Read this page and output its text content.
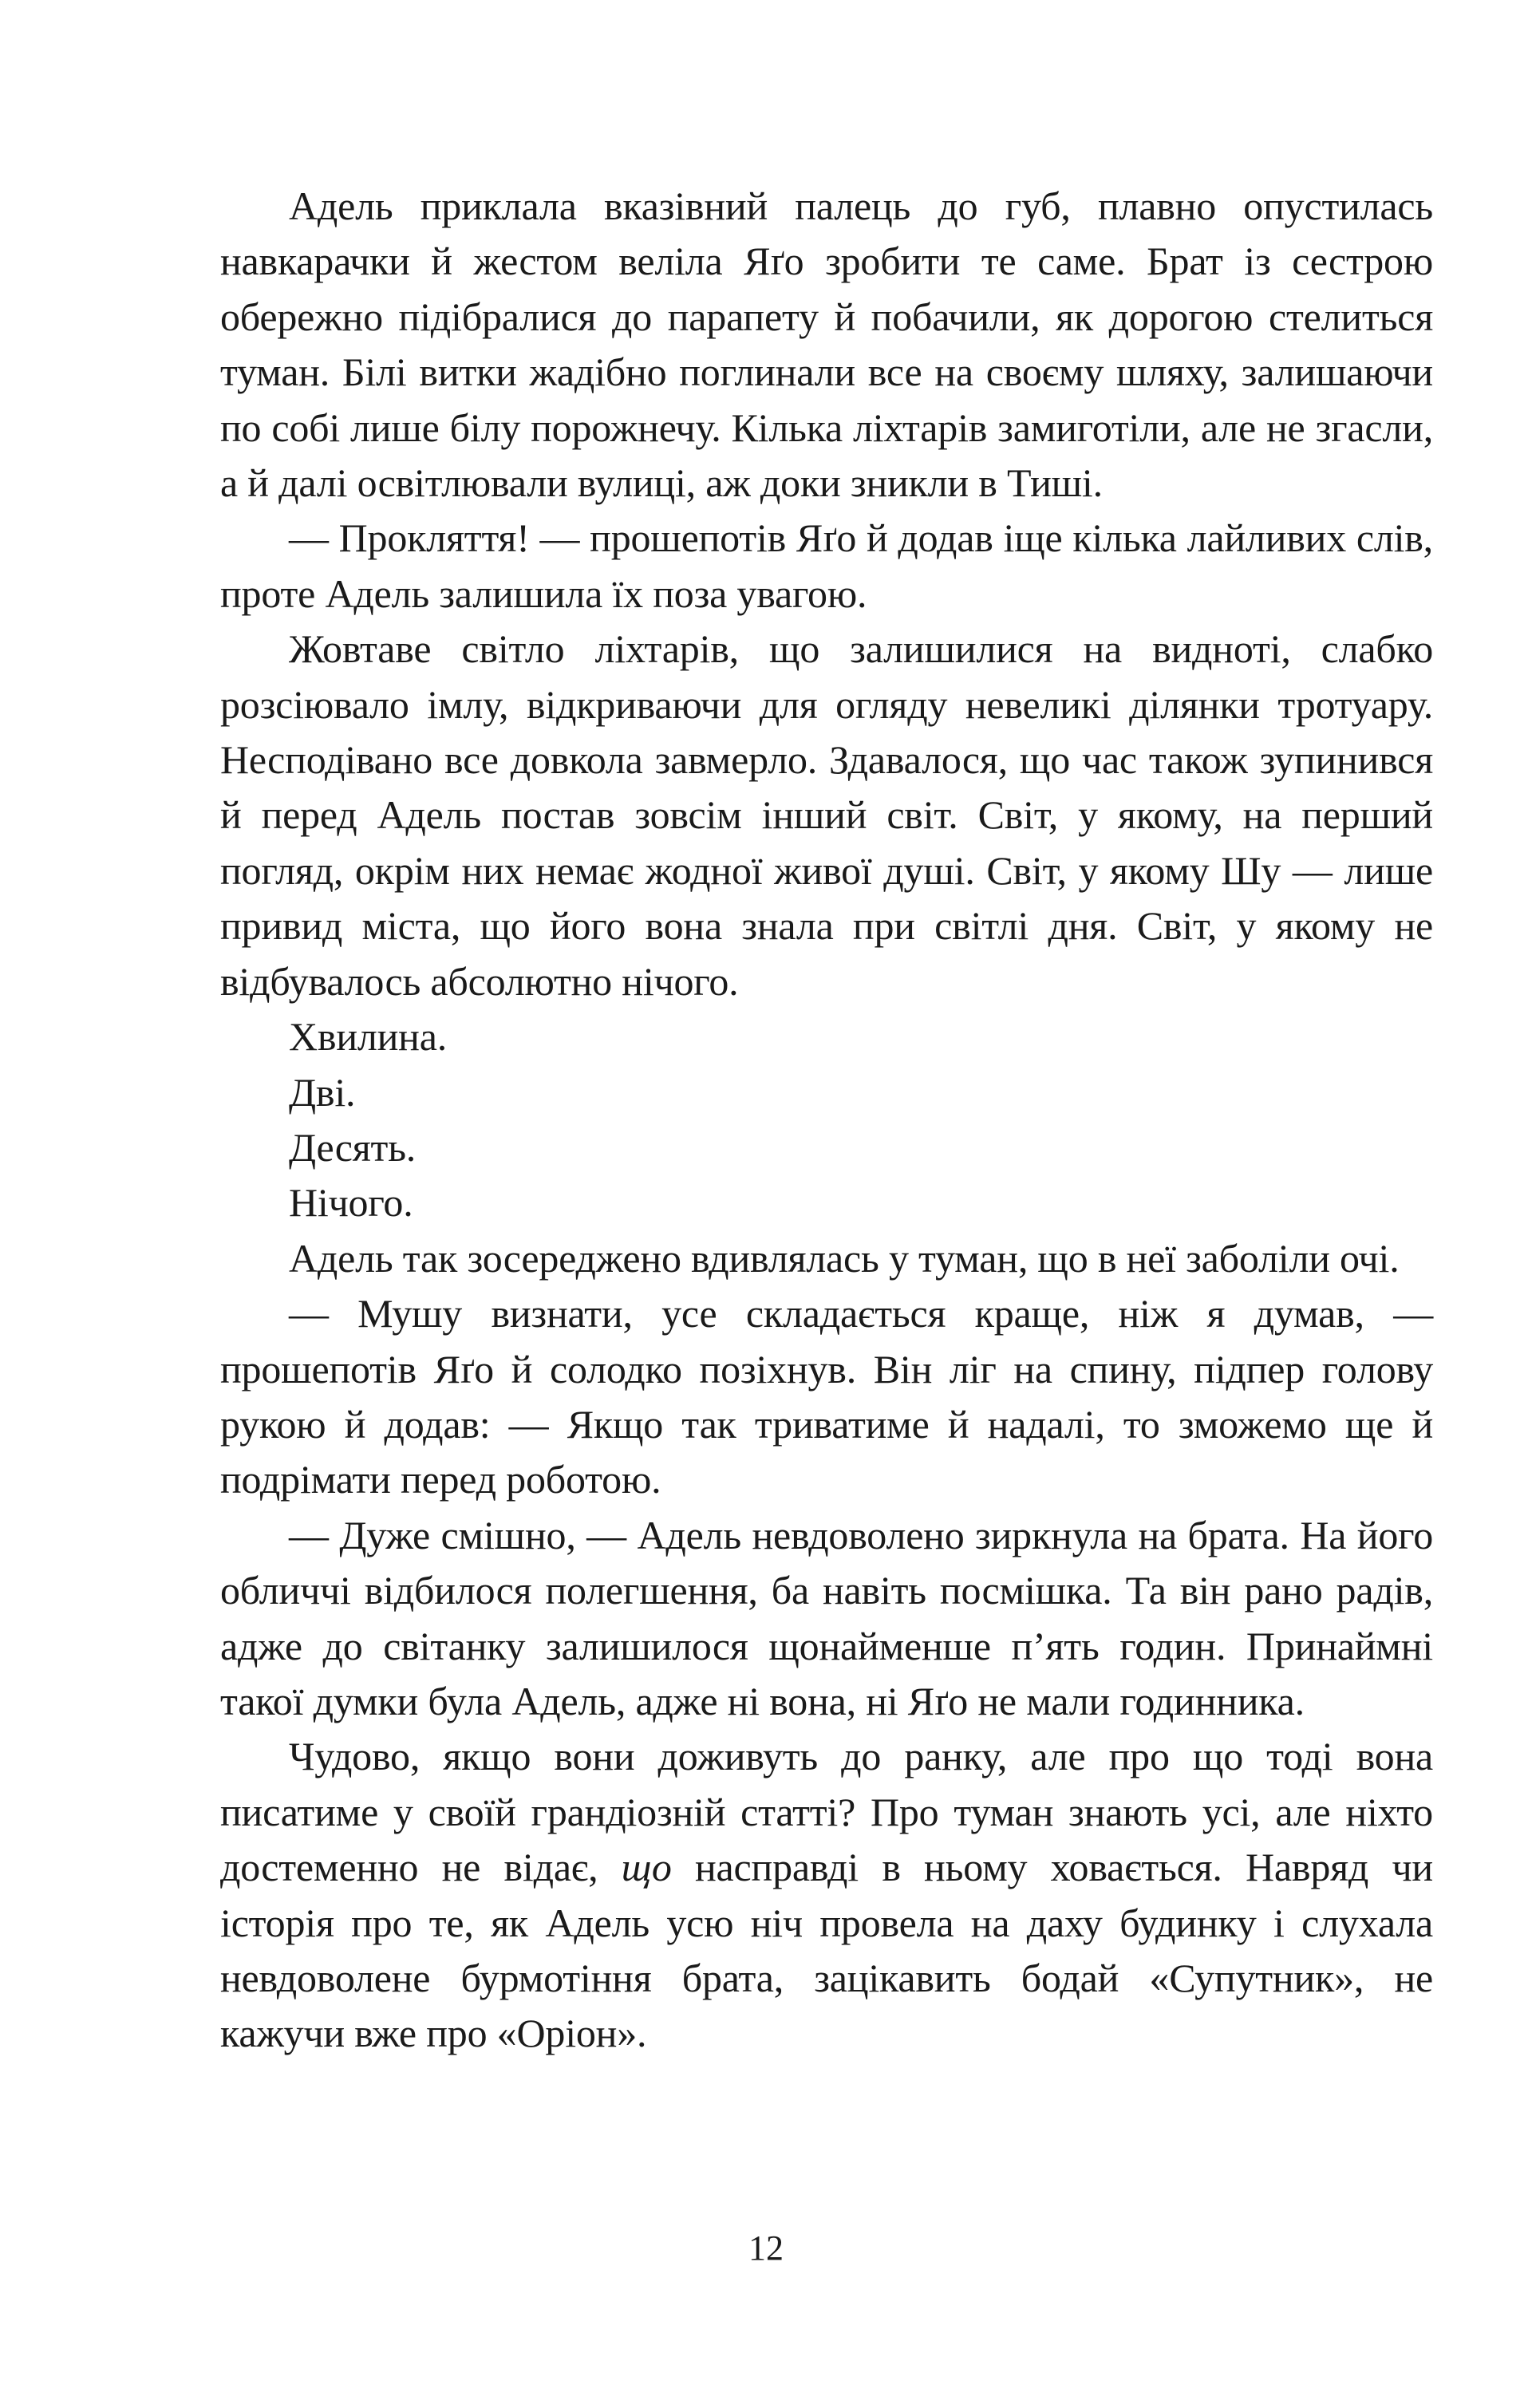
Адель приклала вказівний палець до губ, плавно опустилась навкарачки й жестом веліла Яґо зробити те саме. Брат із сестрою обережно підібралися до парапету й побачили, як дорогою стелиться туман. Білі витки жадібно поглинали все на своєму шляху, залишаючи по собі лише білу порожнечу. Кілька ліхтарів замиготіли, але не згасли, а й далі освітлювали вулиці, аж доки зникли в Тиші.

— Прокляття! — прошепотів Яґо й додав іще кілька лайливих слів, проте Адель залишила їх поза увагою.

Жовтаве світло ліхтарів, що залишилися на видноті, слабко розсіювало імлу, відкриваючи для огляду невеликі ділянки тротуару. Несподівано все довкола завмерло. Здавалося, що час також зупинився й перед Адель постав зовсім інший світ. Світ, у якому, на перший погляд, окрім них немає жодної живої душі. Світ, у якому Шу — лише привид міста, що його вона знала при світлі дня. Світ, у якому не відбувалось абсолютно нічого.

Хвилина.

Дві.

Десять.

Нічого.

Адель так зосереджено вдивлялась у туман, що в неї заболіли очі.

— Мушу визнати, усе складається краще, ніж я думав, — прошепотів Яґо й солодко позіхнув. Він ліг на спину, підпер голову рукою й додав: — Якщо так триватиме й надалі, то зможемо ще й подрімати перед роботою.

— Дуже смішно, — Адель невдоволено зиркнула на брата. На його обличчі відбилося полегшення, ба навіть посмішка. Та він рано радів, адже до світанку залишилося щонайменше п’ять годин. Принаймні такої думки була Адель, адже ні вона, ні Яґо не мали годинника.

Чудово, якщо вони доживуть до ранку, але про що тоді вона писатиме у своїй грандіозній статті? Про туман знають усі, але ніхто достеменно не відає, що насправді в ньому ховається. Навряд чи історія про те, як Адель усю ніч провела на даху будинку і слухала невдоволене бурмотіння брата, зацікавить бодай «Супутник», не кажучи вже про «Оріон».

12
